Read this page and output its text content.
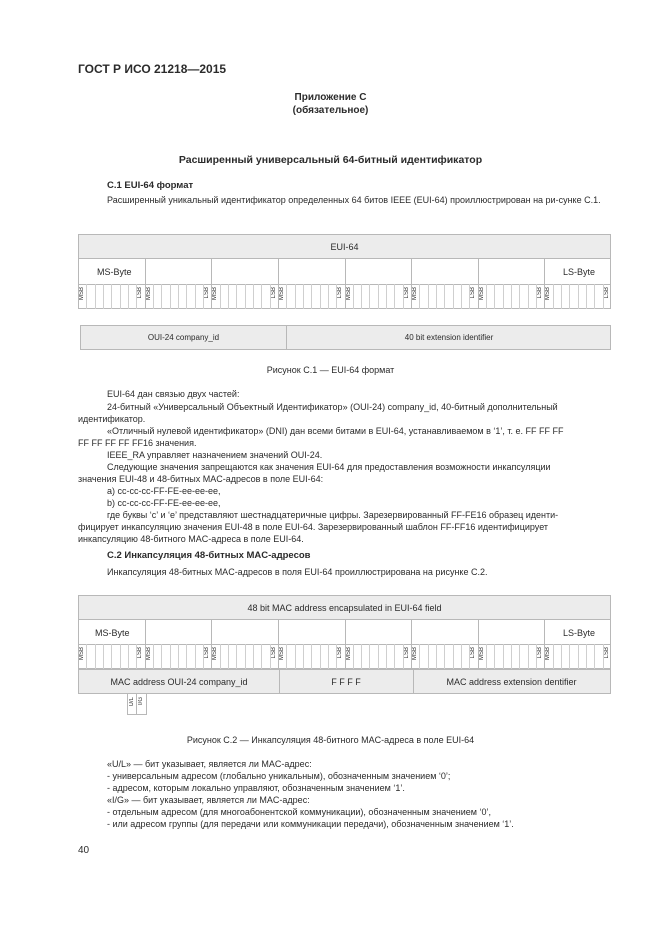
ГОСТ Р ИСО 21218—2015
Приложение С
(обязательное)
Расширенный универсальный 64-битный идентификатор
С.1 EUI-64 формат
Расширенный уникальный идентификатор определенных 64 битов IEEE (EUI-64) проиллюстрирован на ри-сунке С.1.
EUI-64
MS-Byte	LS-Byte
MSB	LSB MSB	LSB MSB	LSB MSB	LSB MSB	LSB MSB	LSB MSB	LSB MSB	LSB
OUI-24 company_id	40 bit extension identifier
Рисунок С.1 — EUI-64 формат
EUI-64 дан связью двух частей:
24-битный «Универсальный Объектный Идентификатор» (OUI-24) company_id, 40-битный дополнительный
идентификатор.
«Отличный нулевой идентификатор» (DNI) дан всеми битами в EUI-64, устанавливаемом в ‘1’, т. е. FF FF FF
FF FF FF FF FF16 значения.
IEEE_RA управляет назначением значений OUI-24.
Следующие значения запрещаются как значения EUI-64 для предоставления возможности инкапсуляции
значения EUI-48 и 48-битных MAC-адресов в поле EUI-64:
а) cc-cc-cc-FF-FE-ee-ee-ee,
b) cc-cc-cc-FF-FE-ee-ee-ee,
где буквы ‘с’ и ‘е’ представляют шестнадцатеричные цифры. Зарезервированный FF-FE16 образец иденти-
фицирует инкапсуляцию значения EUI-48 в поле EUI-64. Зарезервированный шаблон FF-FF16 идентифицирует
инкапсуляцию 48-битного MAC-адреса в поле EUI-64.
С.2 Инкапсуляция 48-битных MAC-адресов
Инкапсуляция 48-битных MAC-адресов в поля EUI-64 проиллюстрирована на рисунке С.2.
48 bit MAC address encapsulated in EUI-64 field
MS-Byte	LS-Byte
MSB	LSB MSB	LSB MSB	LSB MSB	LSB MSB	LSB MSB	LSB MSB	LSB MSB	LSB
MAC address OUI-24 company_id	F F F F	MAC address extension dentifier
U/L I/G
Рисунок С.2 — Инкапсуляция 48-битного MAC-адреса в поле EUI-64
«U/L» — бит указывает, является ли MAC-адрес:
- универсальным адресом (глобально уникальным), обозначенным значением ‘0’;
- адресом, которым локально управляют, обозначенным значением ‘1’.
«I/G» — бит указывает, является ли MAC-адрес:
- отдельным адресом (для многоабонентской коммуникации), обозначенным значением ‘0’,
- или адресом группы (для передачи или коммуникации передачи), обозначенным значением ‘1’.
40
